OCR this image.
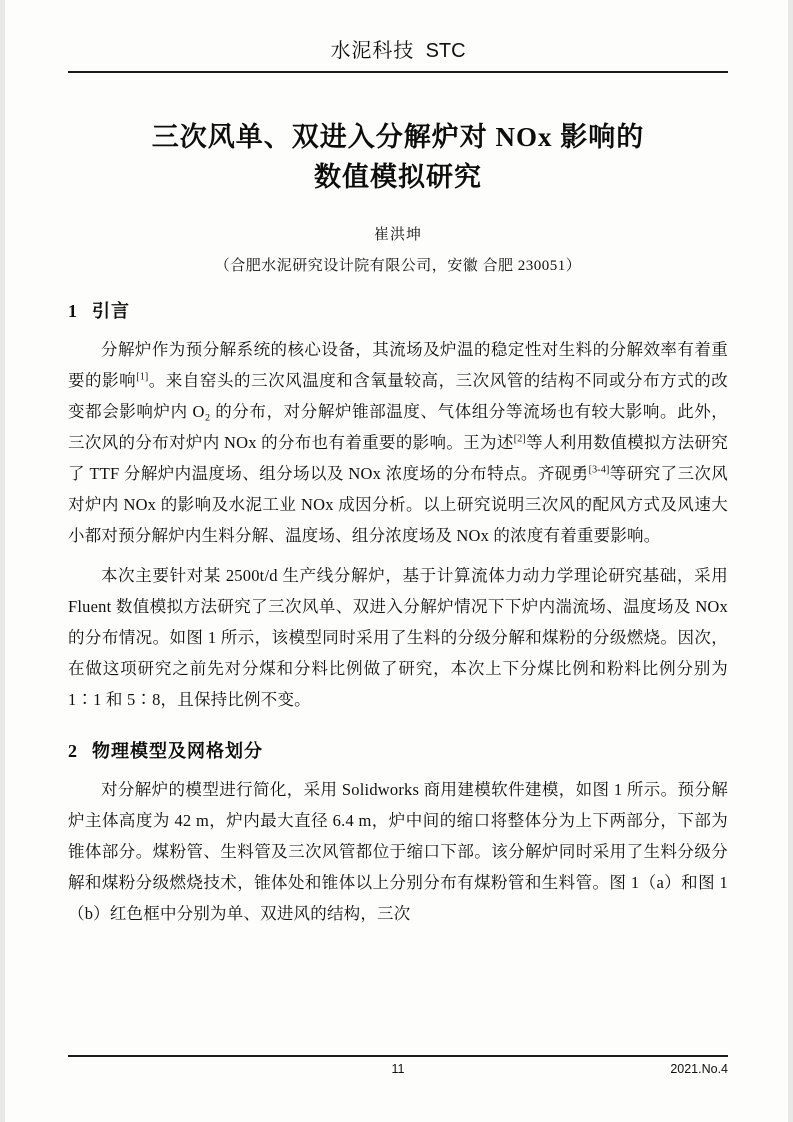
水泥科技 STC
三次风单、双进入分解炉对 NOx 影响的
数值模拟研究
崔洪坤
（合肥水泥研究设计院有限公司，安徽 合肥 230051）
1 引言

分解炉作为预分解系统的核心设备，其流场及炉温的稳定性对生料的分解效率有着重要的影响[1]。来自窑头的三次风温度和含氧量较高，三次风管的结构不同或分布方式的改变都会影响炉内 O₂ 的分布，对分解炉锥部温度、气体组分等流场也有较大影响。此外，三次风的分布对炉内 NOx 的分布也有着重要的影响。王为述[2]等人利用数值模拟方法研究了 TTF 分解炉内温度场、组分场以及 NOx 浓度场的分布特点。齐砚勇[3-4]等研究了三次风对炉内 NOx 的影响及水泥工业 NOx 成因分析。以上研究说明三次风的配风方式及风速大小都对预分解炉内生料分解、温度场、组分浓度场及 NOx 的浓度有着重要影响。

本次主要针对某 2500t/d 生产线分解炉，基于计算流体力动力学理论研究基础，采用 Fluent 数值模拟方法研究了三次风单、双进入分解炉情况下下炉内湍流场、温度场及 NOx 的分布情况。如图 1 所示，该模型同时采用了生料的分级分解和煤粉的分级燃烧。因次，在做这项研究之前先对分煤和分料比例做了研究，本次上下分煤比例和粉料比例分别为 1∶1 和 5∶8，且保持比例不变。

2 物理模型及网格划分

对分解炉的模型进行简化，采用 Solidworks 商用建模软件建模，如图 1 所示。预分解炉主体高度为 42 m，炉内最大直径 6.4 m，炉中间的缩口将整体分为上下两部分，下部为锥体部分。煤粉管、生料管及三次风管都位于缩口下部。该分解炉同时采用了生料分级分解和煤粉分级燃烧技术，锥体处和锥体以上分别分布有煤粉管和生料管。图 1（a）和图 1（b）红色框中分别为单、双进风的结构，三次

11	2021.No.4
